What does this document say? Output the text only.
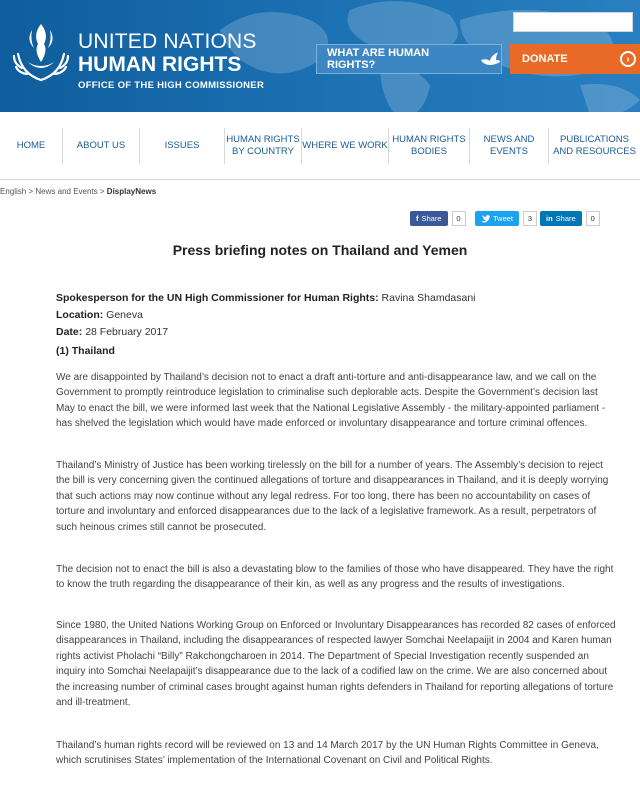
UNITED NATIONS
HUMAN RIGHTS
OFFICE OF THE HIGH COMMISSIONER
WHAT ARE HUMAN RIGHTS?	DONATE	›
HOME	ABOUT US	ISSUES
HUMAN RIGHTS BY COUNTRY
WHERE WE WORK
HUMAN RIGHTS BODIES
NEWS AND EVENTS
PUBLICATIONS AND RESOURCES
English > News and Events > DisplayNews
f Share	0	Tweet	3	in Share	0
Press briefing notes on Thailand and Yemen
Spokesperson for the UN High Commissioner for Human Rights: Ravina Shamdasani
Location: Geneva
Date: 28 February 2017
(1) Thailand

We are disappointed by Thailand’s decision not to enact a draft anti-torture and anti-disappearance law, and we call on the Government to promptly reintroduce legislation to criminalise such deplorable acts. Despite the Government’s decision last May to enact the bill, we were informed last week that the National Legislative Assembly - the military-appointed parliament - has shelved the legislation which would have made enforced or involuntary disappearance and torture criminal offences.

Thailand’s Ministry of Justice has been working tirelessly on the bill for a number of years. The Assembly’s decision to reject the bill is very concerning given the continued allegations of torture and disappearances in Thailand, and it is deeply worrying that such actions may now continue without any legal redress. For too long, there has been no accountability on cases of torture and involuntary and enforced disappearances due to the lack of a legislative framework. As a result, perpetrators of such heinous crimes still cannot be prosecuted.

The decision not to enact the bill is also a devastating blow to the families of those who have disappeared. They have the right to know the truth regarding the disappearance of their kin, as well as any progress and the results of investigations.

Since 1980, the United Nations Working Group on Enforced or Involuntary Disappearances has recorded 82 cases of enforced disappearances in Thailand, including the disappearances of respected lawyer Somchai Neelapaijit in 2004 and Karen human rights activist Pholachi “Billy” Rakchongcharoen in 2014. The Department of Special Investigation recently suspended an inquiry into Somchai Neelapaijit’s disappearance due to the lack of a codified law on the crime. We are also concerned about the increasing number of criminal cases brought against human rights defenders in Thailand for reporting allegations of torture and ill-treatment.

Thailand’s human rights record will be reviewed on 13 and 14 March 2017 by the UN Human Rights Committee in Geneva, which scrutinises States’ implementation of the International Covenant on Civil and Political Rights.
